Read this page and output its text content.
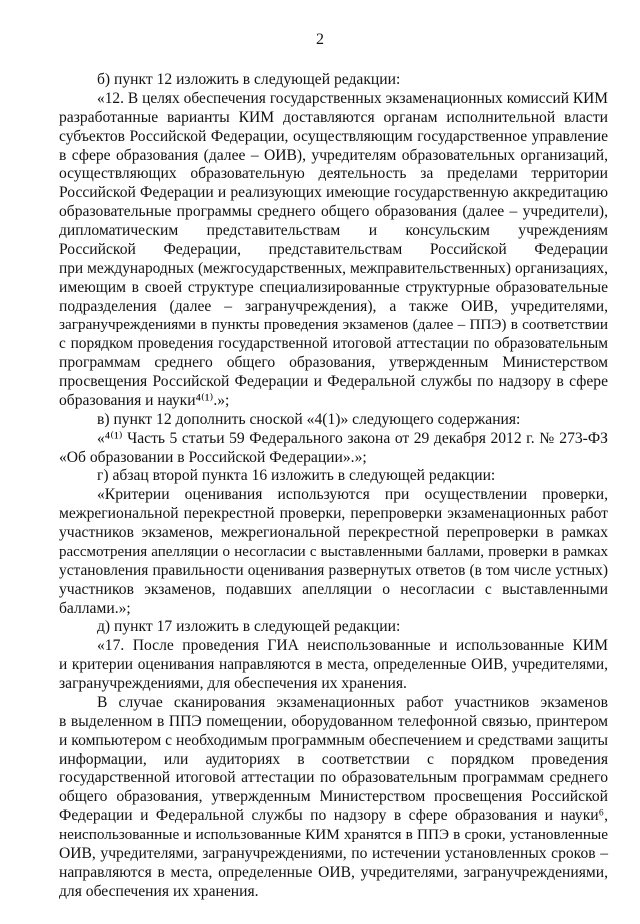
2
б) пункт 12 изложить в следующей редакции:
«12. В целях обеспечения государственных экзаменационных комиссий КИМ
разработанные варианты КИМ доставляются органам исполнительной власти
субъектов Российской Федерации, осуществляющим государственное управление
в сфере образования (далее – ОИВ), учредителям образовательных организаций,
осуществляющих образовательную деятельность за пределами территории
Российской Федерации и реализующих имеющие государственную аккредитацию
образовательные программы среднего общего образования (далее – учредители),
дипломатическим представительствам и консульским учреждениям
Российской Федерации, представительствам Российской Федерации
при международных (межгосударственных, межправительственных) организациях,
имеющим в своей структуре специализированные структурные образовательные
подразделения (далее – загранучреждения), а также ОИВ, учредителями,
загранучреждениями в пункты проведения экзаменов (далее – ППЭ) в соответствии
с порядком проведения государственной итоговой аттестации по образовательным
программам среднего общего образования, утвержденным Министерством
просвещения Российской Федерации и Федеральной службы по надзору в сфере
образования и науки⁴⁽¹⁾.»;
в) пункт 12 дополнить сноской «4(1)» следующего содержания:
«⁴⁽¹⁾ Часть 5 статьи 59 Федерального закона от 29 декабря 2012 г. № 273-ФЗ
«Об образовании в Российской Федерации».»;
г) абзац второй пункта 16 изложить в следующей редакции:
«Критерии оценивания используются при осуществлении проверки,
межрегиональной перекрестной проверки, перепроверки экзаменационных работ
участников экзаменов, межрегиональной перекрестной перепроверки в рамках
рассмотрения апелляции о несогласии с выставленными баллами, проверки в рамках
установления правильности оценивания развернутых ответов (в том числе устных)
участников экзаменов, подавших апелляции о несогласии с выставленными
баллами.»;
д) пункт 17 изложить в следующей редакции:
«17. После проведения ГИА неиспользованные и использованные КИМ
и критерии оценивания направляются в места, определенные ОИВ, учредителями,
загранучреждениями, для обеспечения их хранения.
В случае сканирования экзаменационных работ участников экзаменов
в выделенном в ППЭ помещении, оборудованном телефонной связью, принтером
и компьютером с необходимым программным обеспечением и средствами защиты
информации, или аудиториях в соответствии с порядком проведения
государственной итоговой аттестации по образовательным программам среднего
общего образования, утвержденным Министерством просвещения Российской
Федерации и Федеральной службы по надзору в сфере образования и науки⁶,
неиспользованные и использованные КИМ хранятся в ППЭ в сроки, установленные
ОИВ, учредителями, загранучреждениями, по истечении установленных сроков –
направляются в места, определенные ОИВ, учредителями, загранучреждениями,
для обеспечения их хранения.
